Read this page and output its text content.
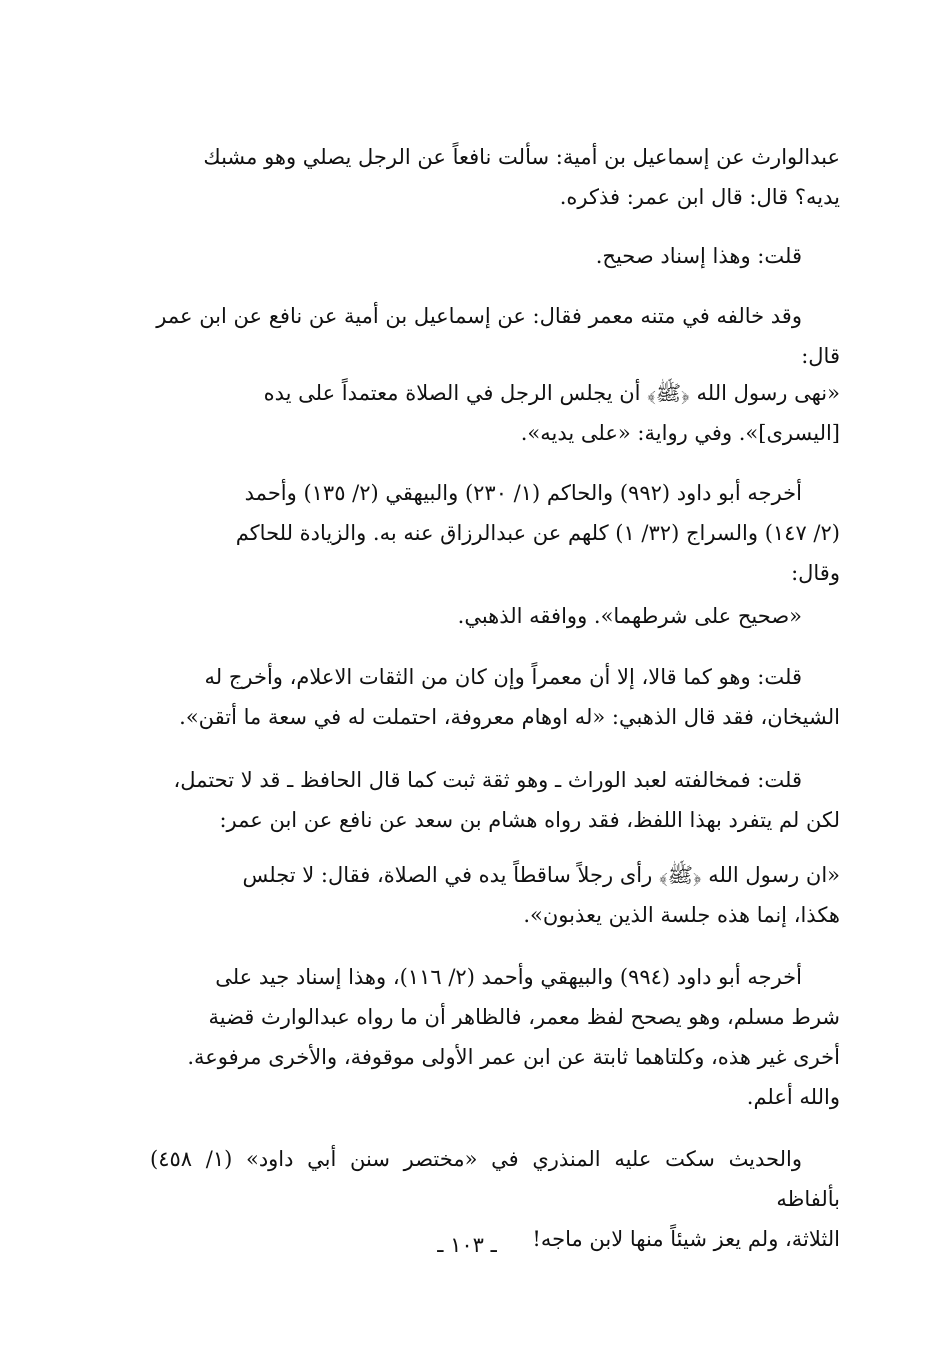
عبدالوارث عن إسماعيل بن أمية: سألت نافعاً عن الرجل يصلي وهو مشبك

يديه؟ قال: قال ابن عمر: فذكره.

قلت: وهذا إسناد صحيح.

وقد خالفه في متنه معمر فقال: عن إسماعيل بن أمية عن نافع عن ابن عمر

قال:

«نهى رسول الله ﴿ﷺ﴾ أن يجلس الرجل في الصلاة معتمداً على يده

[اليسرى]». وفي رواية: «على يديه».

أخرجه أبو داود (٩٩٢) والحاكم (١/ ٢٣٠) والبيهقي (٢/ ١٣٥) وأحمد

(٢/ ١٤٧) والسراج (٣٢/ ١) كلهم عن عبدالرزاق عنه به. والزيادة للحاكم

وقال:

«صحيح على شرطهما». ووافقه الذهبي.

قلت: وهو كما قالا، إلا أن معمراً وإن كان من الثقات الاعلام، وأخرج له

الشيخان، فقد قال الذهبي: «له اوهام معروفة، احتملت له في سعة ما أتقن».

قلت: فمخالفته لعبد الوراث ـ وهو ثقة ثبت كما قال الحافظ ـ قد لا تحتمل،

لكن لم يتفرد بهذا اللفظ، فقد رواه هشام بن سعد عن نافع عن ابن عمر:

«ان رسول الله ﴿ﷺ﴾ رأى رجلاً ساقطاً يده في الصلاة، فقال: لا تجلس

هكذا، إنما هذه جلسة الذين يعذبون».

أخرجه أبو داود (٩٩٤) والبيهقي وأحمد (٢/ ١١٦)، وهذا إسناد جيد على

شرط مسلم، وهو يصحح لفظ معمر، فالظاهر أن ما رواه عبدالوارث قضية

أخرى غير هذه، وكلتاهما ثابتة عن ابن عمر الأولى موقوفة، والأخرى مرفوعة.

والله أعلم.

والحديث سكت عليه المنذري في «مختصر سنن أبي داود» (١/ ٤٥٨) بألفاظه

الثلاثة، ولم يعز شيئاً منها لابن ماجه!

ـ ١٠٣ ـ
